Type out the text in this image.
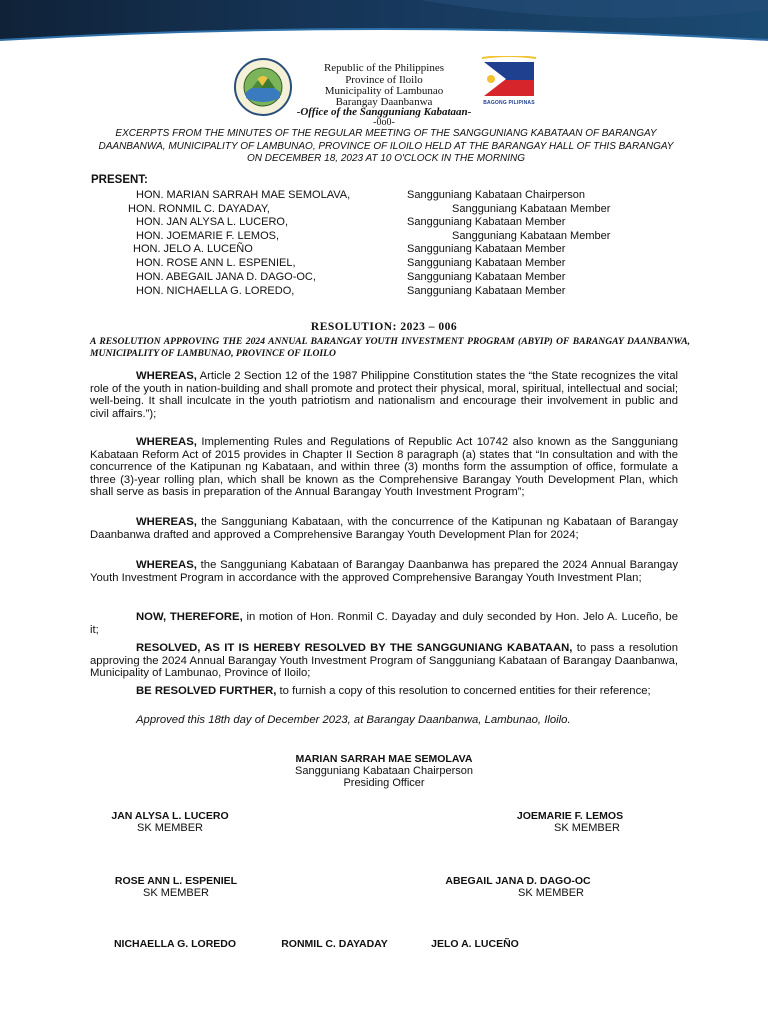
BAGONG PILIPINAS
Republic of the Philippines
Province of Iloilo
Municipality of Lambunao
Barangay Daanbanwa
-Office of the Sangguniang Kabataan-
-0o0-
EXCERPTS FROM THE MINUTES OF THE REGULAR MEETING OF THE SANGGUNIANG KABATAAN OF BARANGAY DAANBANWA, MUNICIPALITY OF LAMBUNAO, PROVINCE OF ILOILO HELD AT THE BARANGAY HALL OF THIS BARANGAY ON DECEMBER 18, 2023 AT 10 O'CLOCK IN THE MORNING
PRESENT:
HON. MARIAN SARRAH MAE SEMOLAVA,	Sangguniang Kabataan Chairperson
HON. RONMIL C. DAYADAY,	Sangguniang Kabataan Member
HON. JAN ALYSA L. LUCERO,	Sangguniang Kabataan Member
HON. JOEMARIE F. LEMOS,	Sangguniang Kabataan Member
HON. JELO A. LUCEÑO	Sangguniang Kabataan Member
HON. ROSE ANN L. ESPENIEL,	Sangguniang Kabataan Member
HON. ABEGAIL JANA D. DAGO-OC,	Sangguniang Kabataan Member
HON. NICHAELLA G. LOREDO,	Sangguniang Kabataan Member
RESOLUTION: 2023 – 006
A RESOLUTION APPROVING THE 2024 ANNUAL BARANGAY YOUTH INVESTMENT PROGRAM (ABYIP) OF BARANGAY DAANBANWA, MUNICIPALITY OF LAMBUNAO, PROVINCE OF ILOILO
WHEREAS, Article 2 Section 12 of the 1987 Philippine Constitution states the “the State recognizes the vital role of the youth in nation-building and shall promote and protect their physical, moral, spiritual, intellectual and social; well-being. It shall inculcate in the youth patriotism and nationalism and encourage their involvement in public and civil affairs.”);
WHEREAS, Implementing Rules and Regulations of Republic Act 10742 also known as the Sangguniang Kabataan Reform Act of 2015 provides in Chapter II Section 8 paragraph (a) states that “In consultation and with the concurrence of the Katipunan ng Kabataan, and within three (3) months form the assumption of office, formulate a three (3)-year rolling plan, which shall be known as the Comprehensive Barangay Youth Development Plan, which shall serve as basis in preparation of the Annual Barangay Youth Investment Program”;
WHEREAS, the Sangguniang Kabataan, with the concurrence of the Katipunan ng Kabataan of Barangay Daanbanwa drafted and approved a Comprehensive Barangay Youth Development Plan for 2024;
WHEREAS, the Sangguniang Kabataan of Barangay Daanbanwa has prepared the 2024 Annual Barangay Youth Investment Program in accordance with the approved Comprehensive Barangay Youth Investment Plan;
NOW, THEREFORE, in motion of Hon. Ronmil C. Dayaday and duly seconded by Hon. Jelo A. Luceño, be it;
RESOLVED, AS IT IS HEREBY RESOLVED BY THE SANGGUNIANG KABATAAN, to pass a resolution approving the 2024 Annual Barangay Youth Investment Program of Sangguniang Kabataan of Barangay Daanbanwa, Municipality of Lambunao, Province of Iloilo;
BE RESOLVED FURTHER, to furnish a copy of this resolution to concerned entities for their reference;
Approved this 18th day of December 2023, at Barangay Daanbanwa, Lambunao, Iloilo.
MARIAN SARRAH MAE SEMOLAVA
Sangguniang Kabataan Chairperson
Presiding Officer
JAN ALYSA L. LUCERO
SK MEMBER
JOEMARIE F. LEMOS
SK MEMBER
ROSE ANN L. ESPENIEL
SK MEMBER
ABEGAIL JANA D. DAGO-OC
SK MEMBER
NICHAELLA G. LOREDO	RONMIL C. DAYADAY	JELO A. LUCEÑO
